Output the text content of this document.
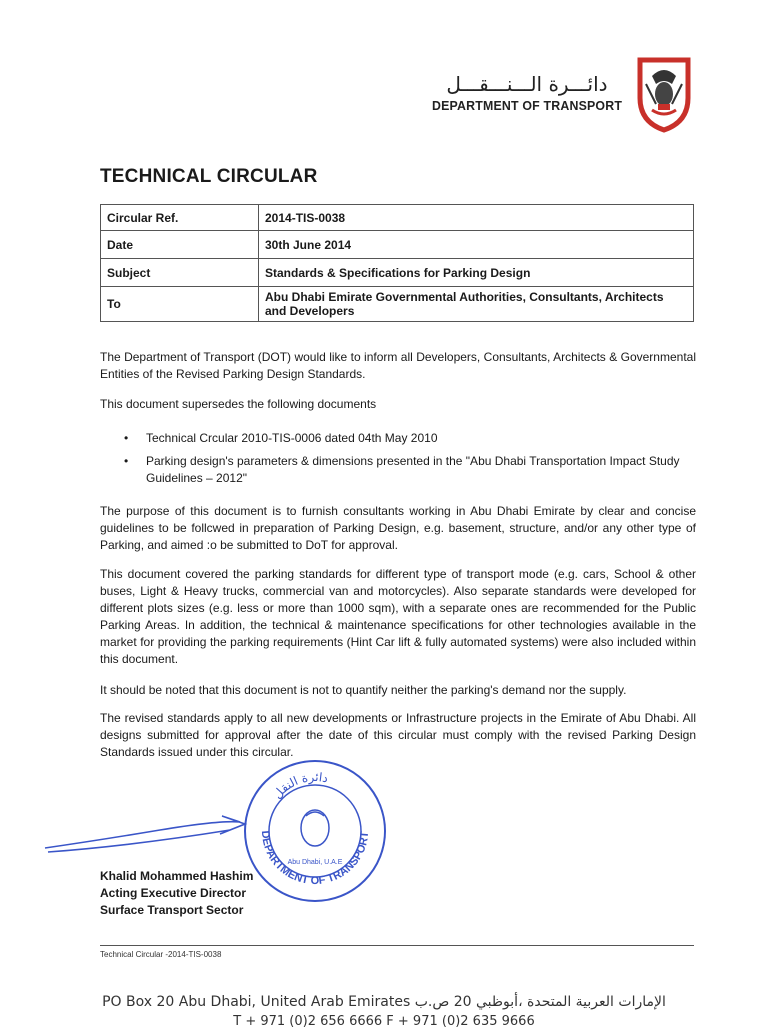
دائـــرة الـــنـــقـــل
DEPARTMENT OF TRANSPORT
TECHNICAL CIRCULAR
Circular Ref.	2014-TIS-0038
Date	30th June 2014
Subject	Standards & Specifications for Parking Design
To	Abu Dhabi Emirate Governmental Authorities, Consultants, Architects and Developers
The Department of Transport (DOT) would like to inform all Developers, Consultants, Architects & Governmental Entities of the Revised Parking Design Standards.
This document supersedes the following documents
• Technical Crcular 2010-TIS-0006 dated 04th May 2010
• Parking design's parameters & dimensions presented in the "Abu Dhabi Transportation Impact Study Guidelines – 2012"
The purpose of this document is to furnish consultants working in Abu Dhabi Emirate by clear and concise guidelines to be follcwed in preparation of Parking Design, e.g. basement, structure, and/or any other type of Parking, and aimed :o be submitted to DoT for approval.
This document covered the parking standards for different type of transport mode (e.g. cars, School & other buses, Light & Heavy trucks, commercial van and motorcycles). Also separate standards were developed for different plots sizes (e.g. less or more than 1000 sqm), with a separate ones are recommended for the Public Parking Areas. In addition, the technical & maintenance specifications for other technologies available in the market for providing the parking requirements (Hint Car lift & fully automated systems) were also included within this document.
It should be noted that this document is not to quantify neither the parking's demand nor the supply.
The revised standards apply to all new developments or Infrastructure projects in the Emirate of Abu Dhabi. All designs submitted for approval after the date of this circular must comply with the revised Parking Design Standards issued under this circular.
DEPARTMENT OF TRANSPORT
دائرة النقل
Abu Dhabi, U.A.E
Khalid Mohammed Hashim
Acting Executive Director
Surface Transport Sector
Technical Circular -2014-TIS-0038
PO Box 20 Abu Dhabi, United Arab Emirates الإمارات العربية المتحدة ،أبوظبي 20 ص.ب
T + 971 (0)2 656 6666 F + 971 (0)2 635 9666
